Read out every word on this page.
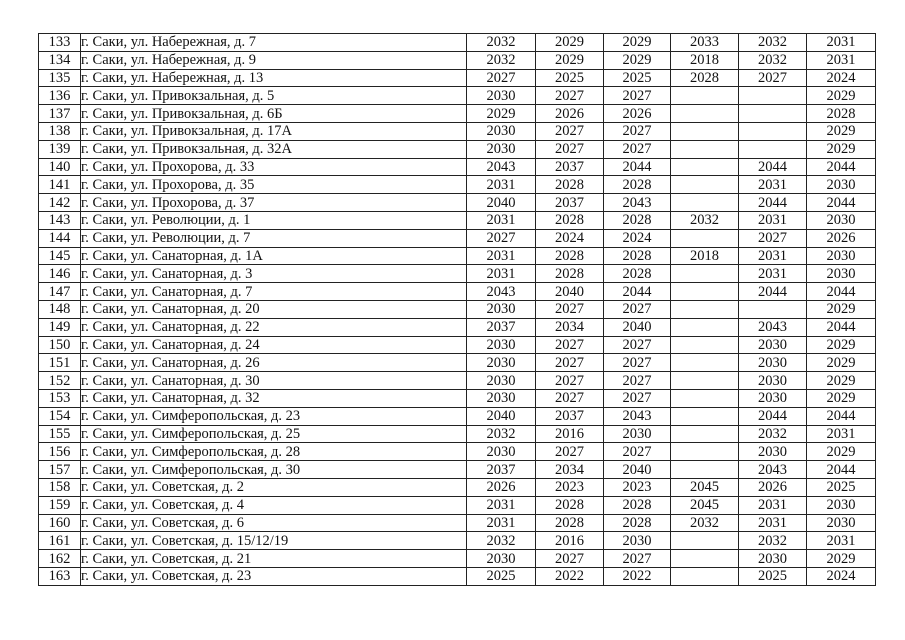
133	г. Саки, ул. Набережная, д. 7	2032	2029	2029	2033	2032	2031
134	г. Саки, ул. Набережная, д. 9	2032	2029	2029	2018	2032	2031
135	г. Саки, ул. Набережная, д. 13	2027	2025	2025	2028	2027	2024
136	г. Саки, ул. Привокзальная, д. 5	2030	2027	2027			2029
137	г. Саки, ул. Привокзальная, д. 6Б	2029	2026	2026			2028
138	г. Саки, ул. Привокзальная, д. 17А	2030	2027	2027			2029
139	г. Саки, ул. Привокзальная, д. 32А	2030	2027	2027			2029
140	г. Саки, ул. Прохорова, д. 33	2043	2037	2044		2044	2044
141	г. Саки, ул. Прохорова, д. 35	2031	2028	2028		2031	2030
142	г. Саки, ул. Прохорова, д. 37	2040	2037	2043		2044	2044
143	г. Саки, ул. Революции, д. 1	2031	2028	2028	2032	2031	2030
144	г. Саки, ул. Революции, д. 7	2027	2024	2024		2027	2026
145	г. Саки, ул. Санаторная, д. 1А	2031	2028	2028	2018	2031	2030
146	г. Саки, ул. Санаторная, д. 3	2031	2028	2028		2031	2030
147	г. Саки, ул. Санаторная, д. 7	2043	2040	2044		2044	2044
148	г. Саки, ул. Санаторная, д. 20	2030	2027	2027			2029
149	г. Саки, ул. Санаторная, д. 22	2037	2034	2040		2043	2044
150	г. Саки, ул. Санаторная, д. 24	2030	2027	2027		2030	2029
151	г. Саки, ул. Санаторная, д. 26	2030	2027	2027		2030	2029
152	г. Саки, ул. Санаторная, д. 30	2030	2027	2027		2030	2029
153	г. Саки, ул. Санаторная, д. 32	2030	2027	2027		2030	2029
154	г. Саки, ул. Симферопольская, д. 23	2040	2037	2043		2044	2044
155	г. Саки, ул. Симферопольская, д. 25	2032	2016	2030		2032	2031
156	г. Саки, ул. Симферопольская, д. 28	2030	2027	2027		2030	2029
157	г. Саки, ул. Симферопольская, д. 30	2037	2034	2040		2043	2044
158	г. Саки, ул. Советская, д. 2	2026	2023	2023	2045	2026	2025
159	г. Саки, ул. Советская, д. 4	2031	2028	2028	2045	2031	2030
160	г. Саки, ул. Советская, д. 6	2031	2028	2028	2032	2031	2030
161	г. Саки, ул. Советская, д. 15/12/19	2032	2016	2030		2032	2031
162	г. Саки, ул. Советская, д. 21	2030	2027	2027		2030	2029
163	г. Саки, ул. Советская, д. 23	2025	2022	2022		2025	2024
